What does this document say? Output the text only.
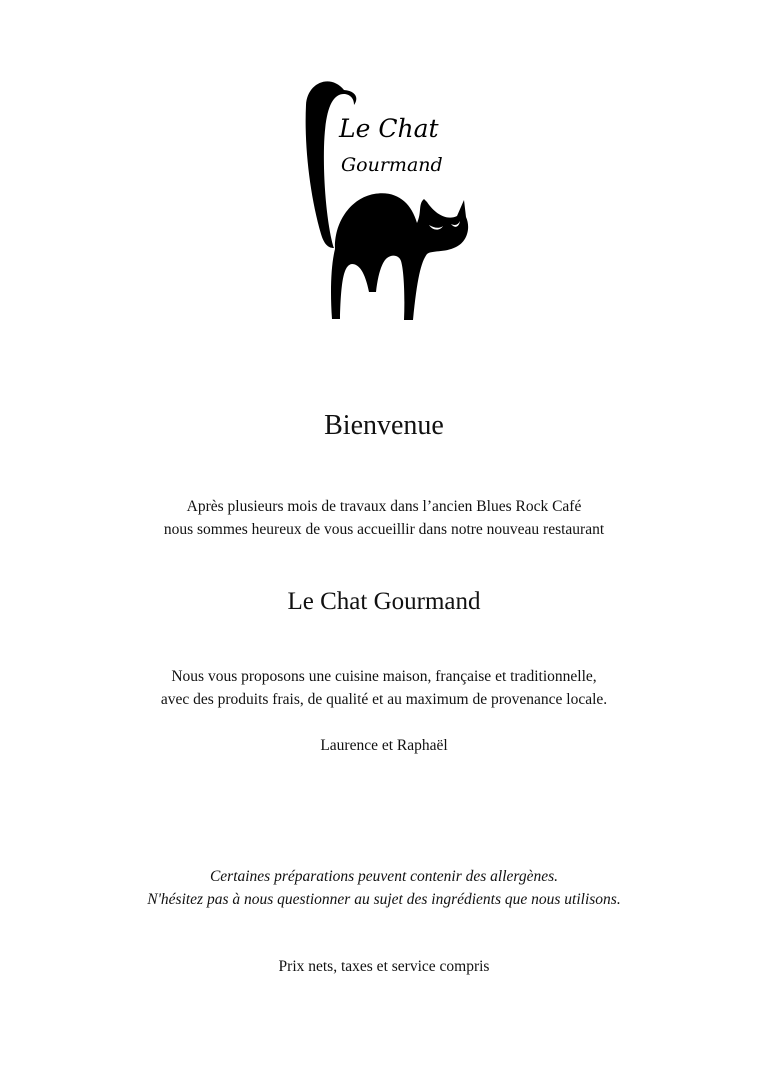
Le Chat
Gourmand
Bienvenue
Après plusieurs mois de travaux dans l’ancien Blues Rock Café
nous sommes heureux de vous accueillir dans notre nouveau restaurant
Le Chat Gourmand
Nous vous proposons une cuisine maison, française et traditionnelle,
avec des produits frais, de qualité et au maximum de provenance locale.
Laurence et Raphaël
Certaines préparations peuvent contenir des allergènes.
N'hésitez pas à nous questionner au sujet des ingrédients que nous utilisons.
Prix nets, taxes et service compris
